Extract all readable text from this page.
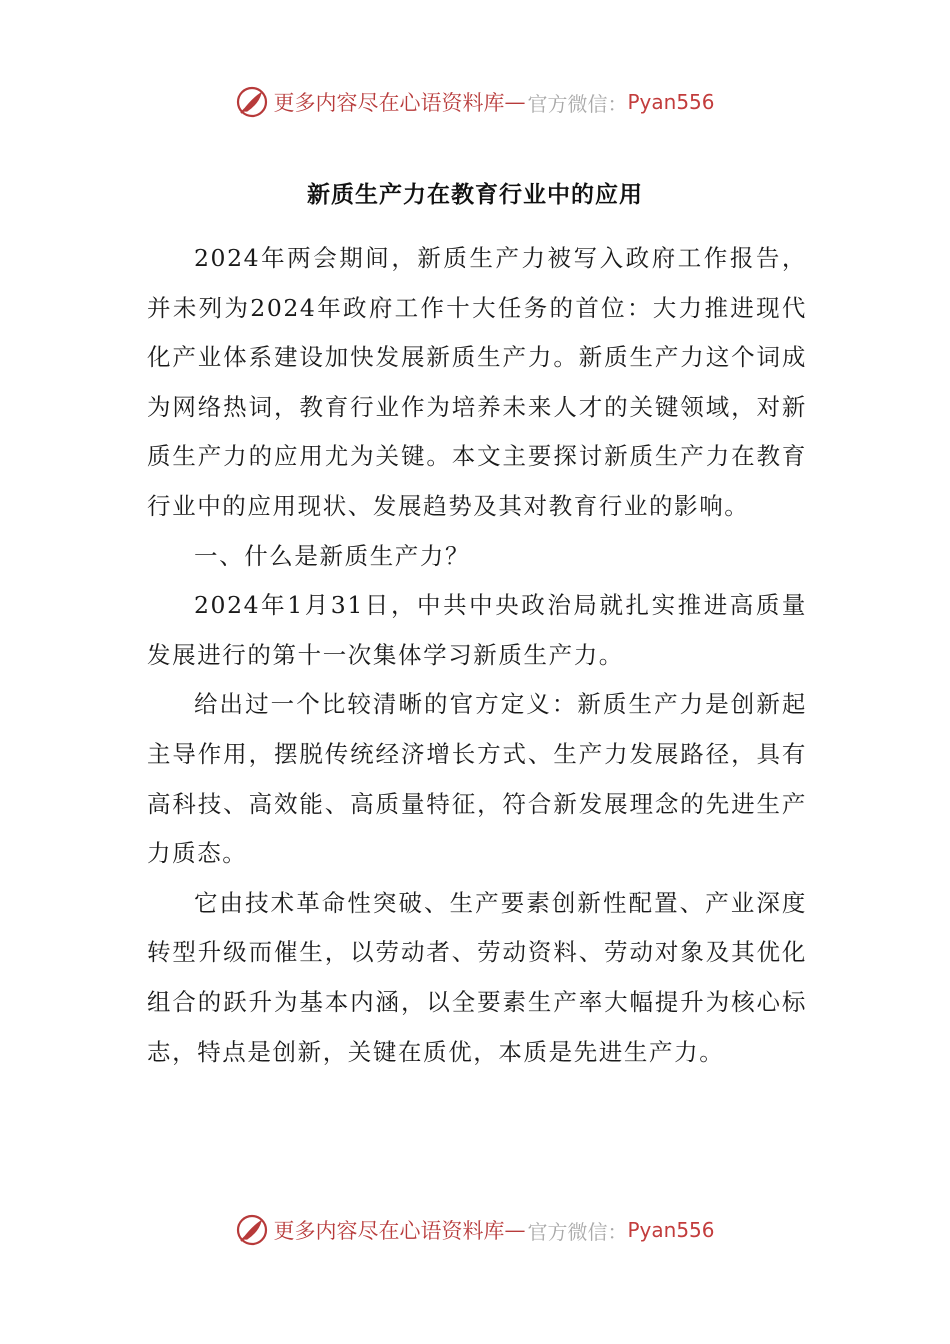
更多内容尽在心语资料库 — 官方微信： Pyan556
新质生产力在教育行业中的应用

2024年两会期间，新质生产力被写入政府工作报告，并未列为2024年政府工作十大任务的首位：大力推进现代化产业体系建设加快发展新质生产力。新质生产力这个词成为网络热词，教育行业作为培养未来人才的关键领域，对新质生产力的应用尤为关键。本文主要探讨新质生产力在教育行业中的应用现状、发展趋势及其对教育行业的影响。

一、什么是新质生产力？

2024年1月31日，中共中央政治局就扎实推进高质量发展进行的第十一次集体学习新质生产力。

给出过一个比较清晰的官方定义：新质生产力是创新起主导作用，摆脱传统经济增长方式、生产力发展路径，具有高科技、高效能、高质量特征，符合新发展理念的先进生产力质态。

它由技术革命性突破、生产要素创新性配置、产业深度转型升级而催生，以劳动者、劳动资料、劳动对象及其优化组合的跃升为基本内涵，以全要素生产率大幅提升为核心标志，特点是创新，关键在质优，本质是先进生产力。

更多内容尽在心语资料库 — 官方微信： Pyan556
